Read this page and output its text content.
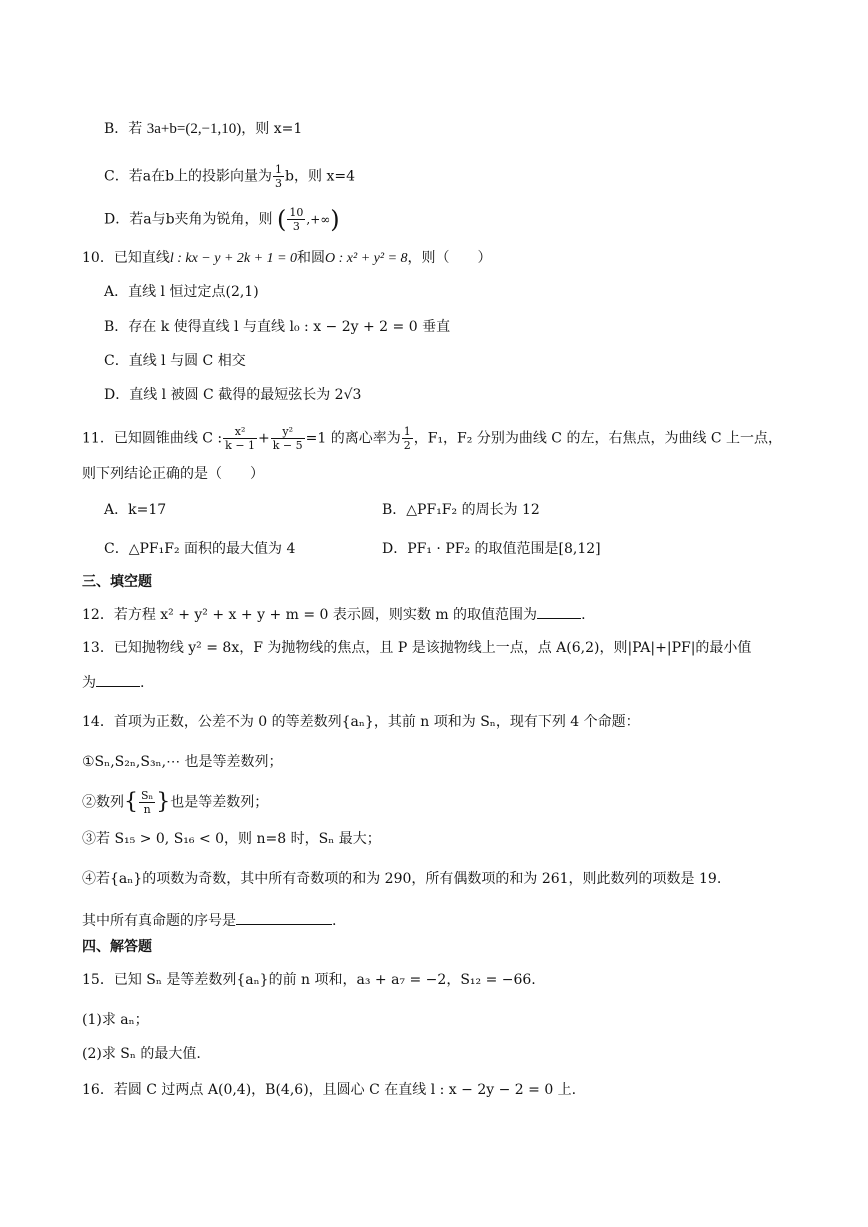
B．若 3a+b=(2,−1,10)，则 x=1
C．若a在b上的投影向量为 $\frac{1}{3}$ b，则 x=4
D．若a与b夹角为锐角，则 ( $\frac{10}{3}$ ,+∞)
10．已知直线l : kx − y + 2k + 1 = 0和圆O : x² + y² = 8，则（　　）
A．直线 l 恒过定点(2,1)
B．存在 k 使得直线 l 与直线 l₀ : x − 2y + 2 = 0 垂直
C．直线 l 与圆 C 相交
D．直线 l 被圆 C 截得的最短弦长为 2√3
11．已知圆锥曲线 C : $\frac{\text{x²}}{k - 1} + \frac{\text{y²}}{k - 5} =1$ 的离心率为 $\frac{1}{2}$ ，F₁，F₂ 分别为曲线 C 的左，右焦点，为曲线 C 上一点，
则下列结论正确的是（　　）
A．k=17	B．△PF₁F₂ 的周长为 12
C．△PF₁F₂ 面积的最大值为 4	D．PF₁ · PF₂ 的取值范围是[8,12]
三、填空题
12．若方程 x² + y² + x + y + m = 0 表示圆，则实数 m 的取值范围为	.
13．已知抛物线 y² = 8x，F 为抛物线的焦点，且 P 是该抛物线上一点，点 A(6,2)，则|PA|+|PF|的最小值
为	.
14．首项为正数，公差不为 0 的等差数列{aₙ}，其前 n 项和为 Sₙ，现有下列 4 个命题：
①Sₙ,S₂ₙ,S₃ₙ,⋯ 也是等差数列；
②数列{ $\frac{\text{Sₙ}}{n}$ }也是等差数列；
③若 S₁₅ > 0, S₁₆ < 0，则 n=8 时，Sₙ 最大；
④若{aₙ}的项数为奇数，其中所有奇数项的和为 290，所有偶数项的和为 261，则此数列的项数是 19.
其中所有真命题的序号是	.
四、解答题
15．已知 Sₙ 是等差数列{aₙ}的前 n 项和，a₃ + a₇ = −2，S₁₂ = −66.
(1)求 aₙ；
(2)求 Sₙ 的最大值.
16．若圆 C 过两点 A(0,4)，B(4,6)，且圆心 C 在直线 l : x − 2y − 2 = 0 上.
